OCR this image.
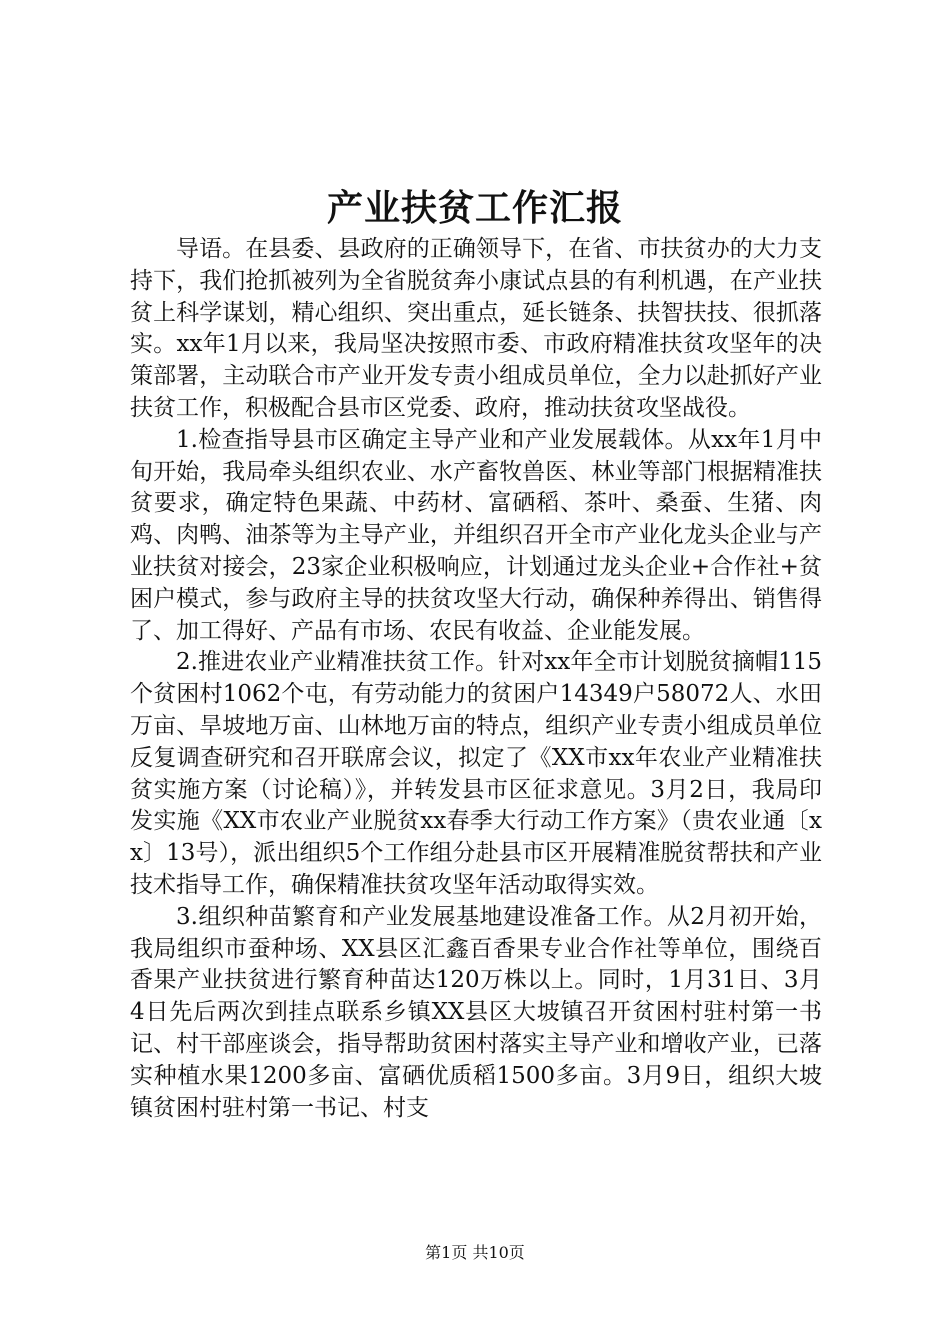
产业扶贫工作汇报

导语。在县委、县政府的正确领导下，在省、市扶贫办的大力支持下，我们抢抓被列为全省脱贫奔小康试点县的有利机遇，在产业扶贫上科学谋划，精心组织、突出重点，延长链条、扶智扶技、很抓落实。xx年1月以来，我局坚决按照市委、市政府精准扶贫攻坚年的决策部署，主动联合市产业开发专责小组成员单位，全力以赴抓好产业扶贫工作，积极配合县市区党委、政府，推动扶贫攻坚战役。

1.检查指导县市区确定主导产业和产业发展载体。从xx年1月中旬开始，我局牵头组织农业、水产畜牧兽医、林业等部门根据精准扶贫要求，确定特色果蔬、中药材、富硒稻、茶叶、桑蚕、生猪、肉鸡、肉鸭、油茶等为主导产业，并组织召开全市产业化龙头企业与产业扶贫对接会，23家企业积极响应，计划通过龙头企业+合作社+贫困户模式，参与政府主导的扶贫攻坚大行动，确保种养得出、销售得了、加工得好、产品有市场、农民有收益、企业能发展。

2.推进农业产业精准扶贫工作。针对xx年全市计划脱贫摘帽115个贫困村1062个屯，有劳动能力的贫困户14349户58072人、水田万亩、旱坡地万亩、山林地万亩的特点，组织产业专责小组成员单位反复调查研究和召开联席会议，拟定了《XX市xx年农业产业精准扶贫实施方案（讨论稿）》，并转发县市区征求意见。3月2日，我局印发实施《XX市农业产业脱贫xx春季大行动工作方案》（贵农业通〔xx〕13号），派出组织5个工作组分赴县市区开展精准脱贫帮扶和产业技术指导工作，确保精准扶贫攻坚年活动取得实效。

3.组织种苗繁育和产业发展基地建设准备工作。从2月初开始，我局组织市蚕种场、XX县区汇鑫百香果专业合作社等单位，围绕百香果产业扶贫进行繁育种苗达120万株以上。同时，1月31日、3月4日先后两次到挂点联系乡镇XX县区大坡镇召开贫困村驻村第一书记、村干部座谈会，指导帮助贫困村落实主导产业和增收产业，已落实种植水果1200多亩、富硒优质稻1500多亩。3月9日，组织大坡镇贫困村驻村第一书记、村支

第1页 共10页
